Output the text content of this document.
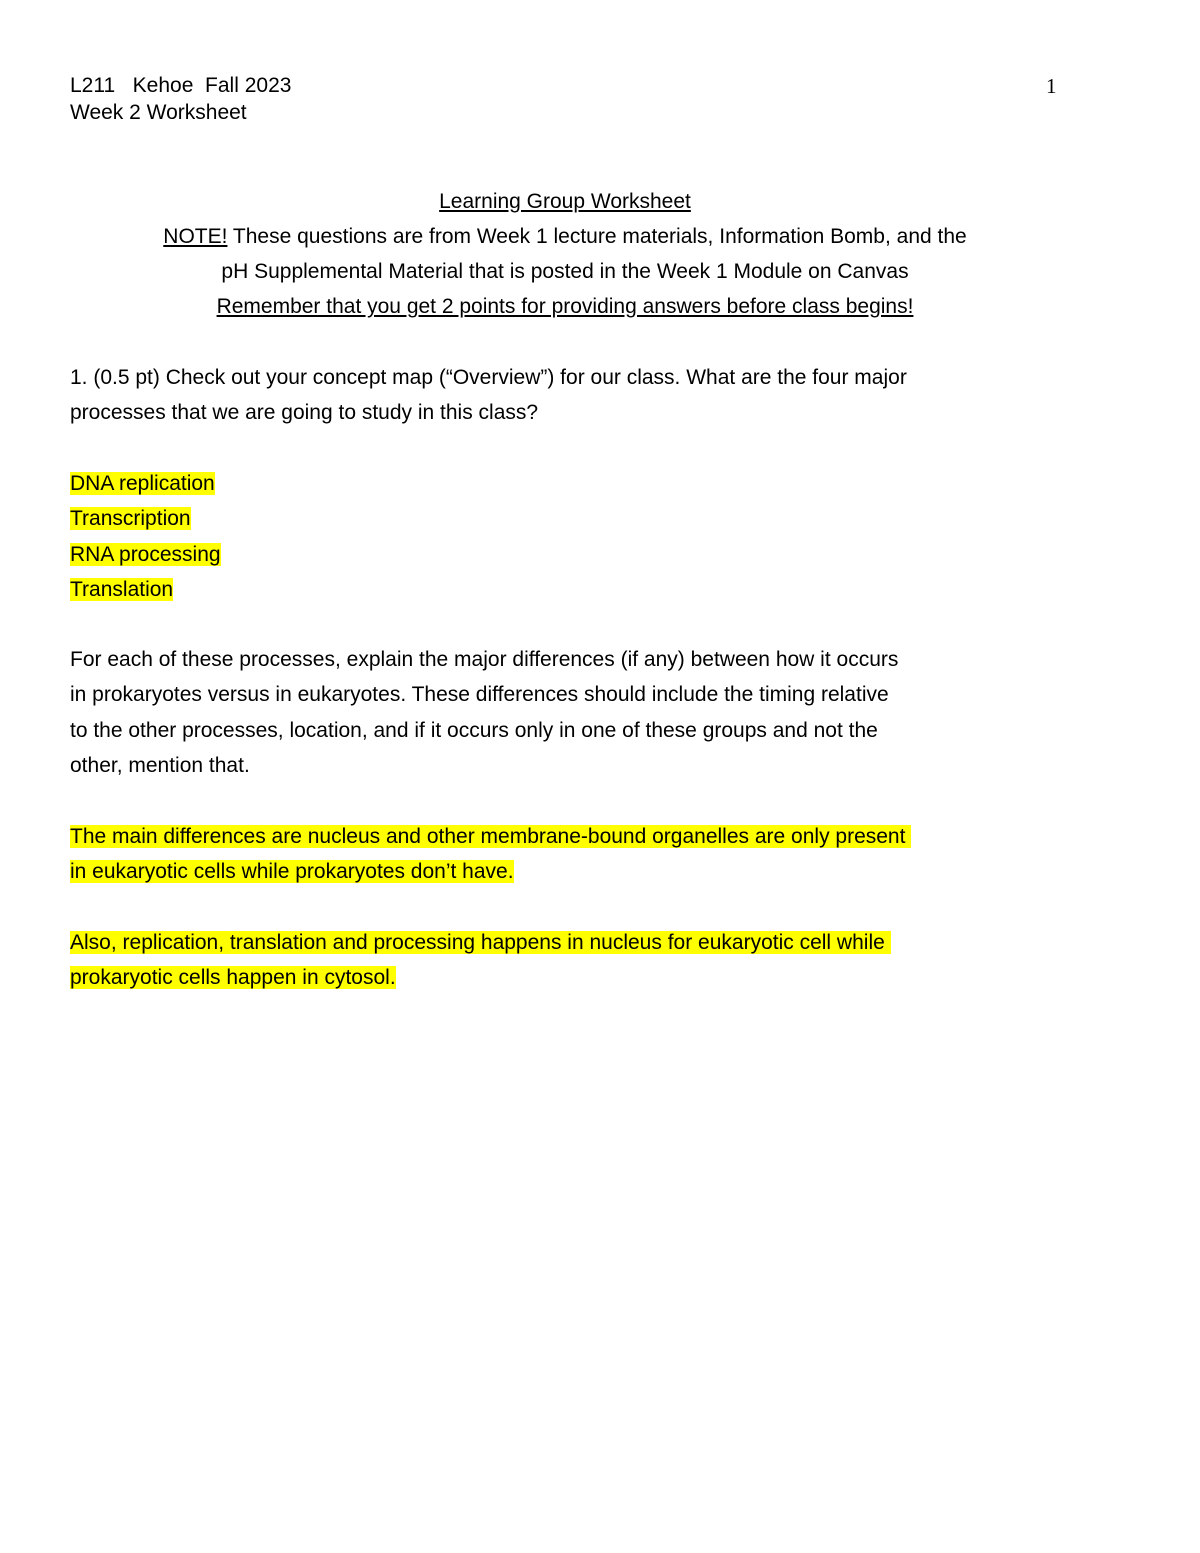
L211   Kehoe  Fall 2023
Week 2 Worksheet
1
Learning Group Worksheet
NOTE! These questions are from Week 1 lecture materials, Information Bomb, and the
pH Supplemental Material that is posted in the Week 1 Module on Canvas
Remember that you get 2 points for providing answers before class begins!
1. (0.5 pt) Check out your concept map (“Overview”) for our class. What are the four major
processes that we are going to study in this class?
DNA replication
Transcription
RNA processing
Translation
For each of these processes, explain the major differences (if any) between how it occurs
in prokaryotes versus in eukaryotes. These differences should include the timing relative
to the other processes, location, and if it occurs only in one of these groups and not the
other, mention that.
The main differences are nucleus and other membrane-bound organelles are only present
in eukaryotic cells while prokaryotes don’t have.
Also, replication, translation and processing happens in nucleus for eukaryotic cell while
prokaryotic cells happen in cytosol.
